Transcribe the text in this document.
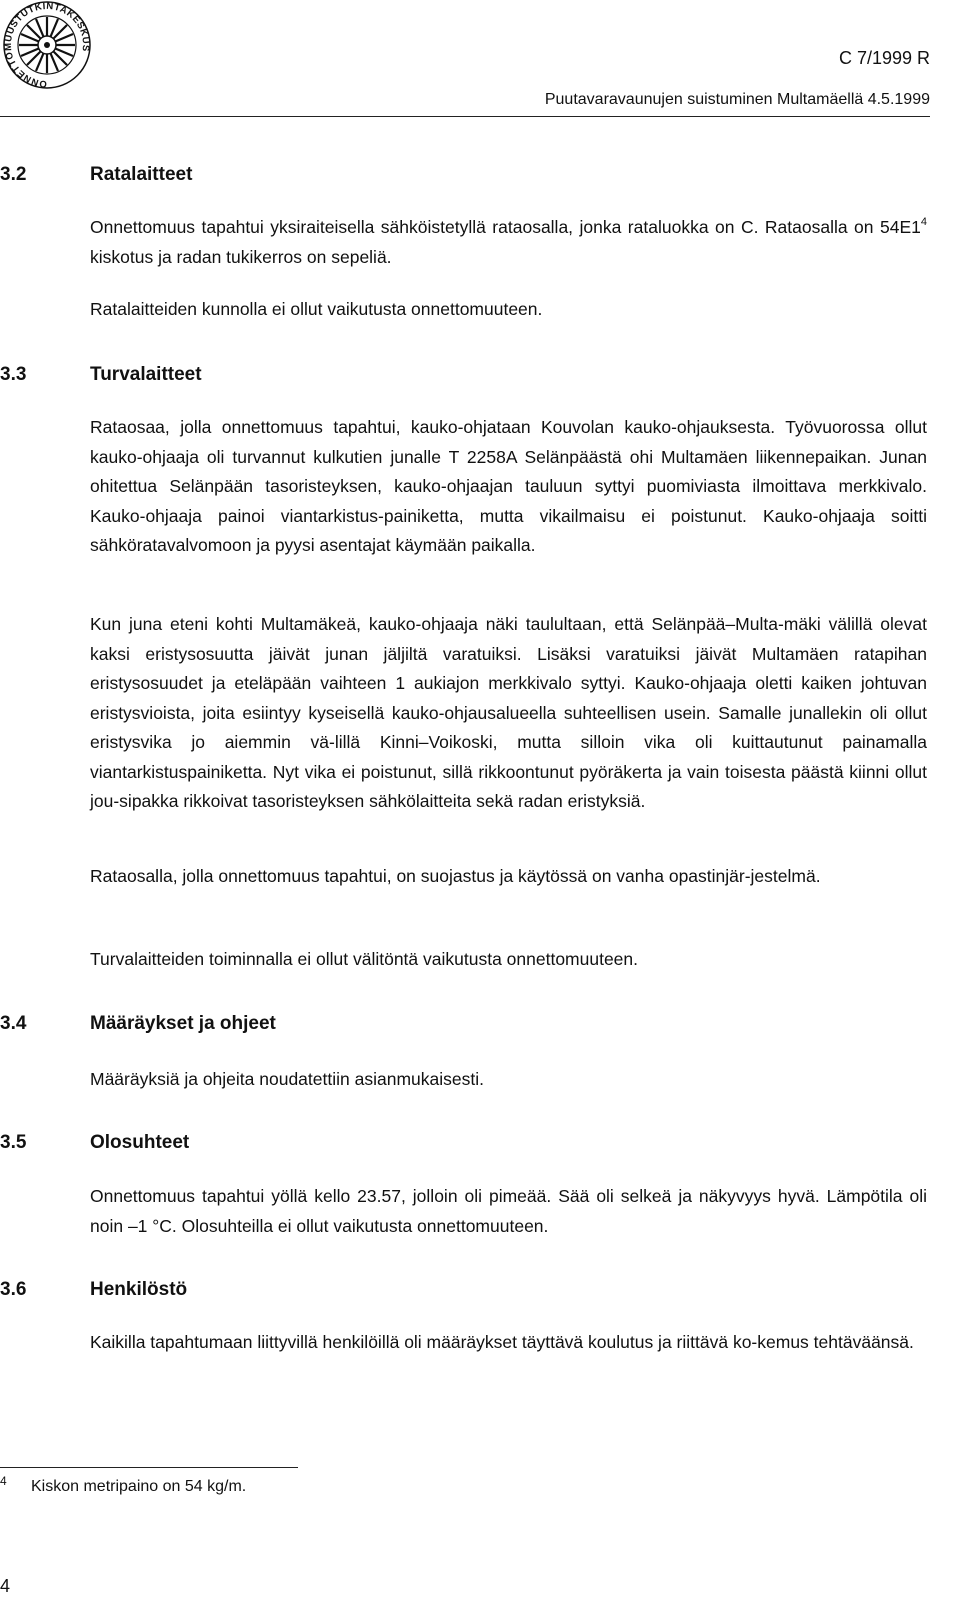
ONNETTOMUUSTUTKINTAKESKUS	C 7/1999 R
Puutavaravaunujen suistuminen Multamäellä 4.5.1999
3.2	Ratalaitteet

Onnettomuus tapahtui yksiraiteisella sähköistetyllä rataosalla, jonka rataluokka on C. Rataosalla on $54E1^4$ kiskotus ja radan tukikerros on sepeliä.

Ratalaitteiden kunnolla ei ollut vaikutusta onnettomuuteen.

3.3	Turvalaitteet

Rataosaa, jolla onnettomuus tapahtui, kauko-ohjataan Kouvolan kauko-ohjauksesta. Työvuorossa ollut kauko-ohjaaja oli turvannut kulkutien junalle T 2258A Selänpäästä ohi Multamäen liikennepaikan. Junan ohitettua Selänpään tasoristeyksen, kauko-ohjaajan tauluun syttyi puomiviasta ilmoittava merkkivalo. Kauko-ohjaaja painoi viantarkistus-painiketta, mutta vikailmaisu ei poistunut. Kauko-ohjaaja soitti sähköratavalvomoon ja pyysi asentajat käymään paikalla.

Kun juna eteni kohti Multamäkeä, kauko-ohjaaja näki taulultaan, että Selänpää–Multa-mäki välillä olevat kaksi eristysosuutta jäivät junan jäljiltä varatuiksi. Lisäksi varatuiksi jäivät Multamäen ratapihan eristysosuudet ja eteläpään vaihteen 1 aukiajon merkkivalo syttyi. Kauko-ohjaaja oletti kaiken johtuvan eristysvioista, joita esiintyy kyseisellä kauko-ohjausalueella suhteellisen usein. Samalle junallekin oli ollut eristysvika jo aiemmin vä-lillä Kinni–Voikoski, mutta silloin vika oli kuittautunut painamalla viantarkistuspainiketta. Nyt vika ei poistunut, sillä rikkoontunut pyöräkerta ja vain toisesta päästä kiinni ollut jou-sipakka rikkoivat tasoristeyksen sähkölaitteita sekä radan eristyksiä.

Rataosalla, jolla onnettomuus tapahtui, on suojastus ja käytössä on vanha opastinjär-jestelmä.

Turvalaitteiden toiminnalla ei ollut välitöntä vaikutusta onnettomuuteen.

3.4	Määräykset ja ohjeet

Määräyksiä ja ohjeita noudatettiin asianmukaisesti.

3.5	Olosuhteet

Onnettomuus tapahtui yöllä kello 23.57, jolloin oli pimeää. Sää oli selkeä ja näkyvyys hyvä. Lämpötila oli noin –1 °C. Olosuhteilla ei ollut vaikutusta onnettomuuteen.

3.6	Henkilöstö

Kaikilla tapahtumaan liittyvillä henkilöillä oli määräykset täyttävä koulutus ja riittävä ko-kemus tehtäväänsä.

4 Kiskon metripaino on 54 kg/m.
4
